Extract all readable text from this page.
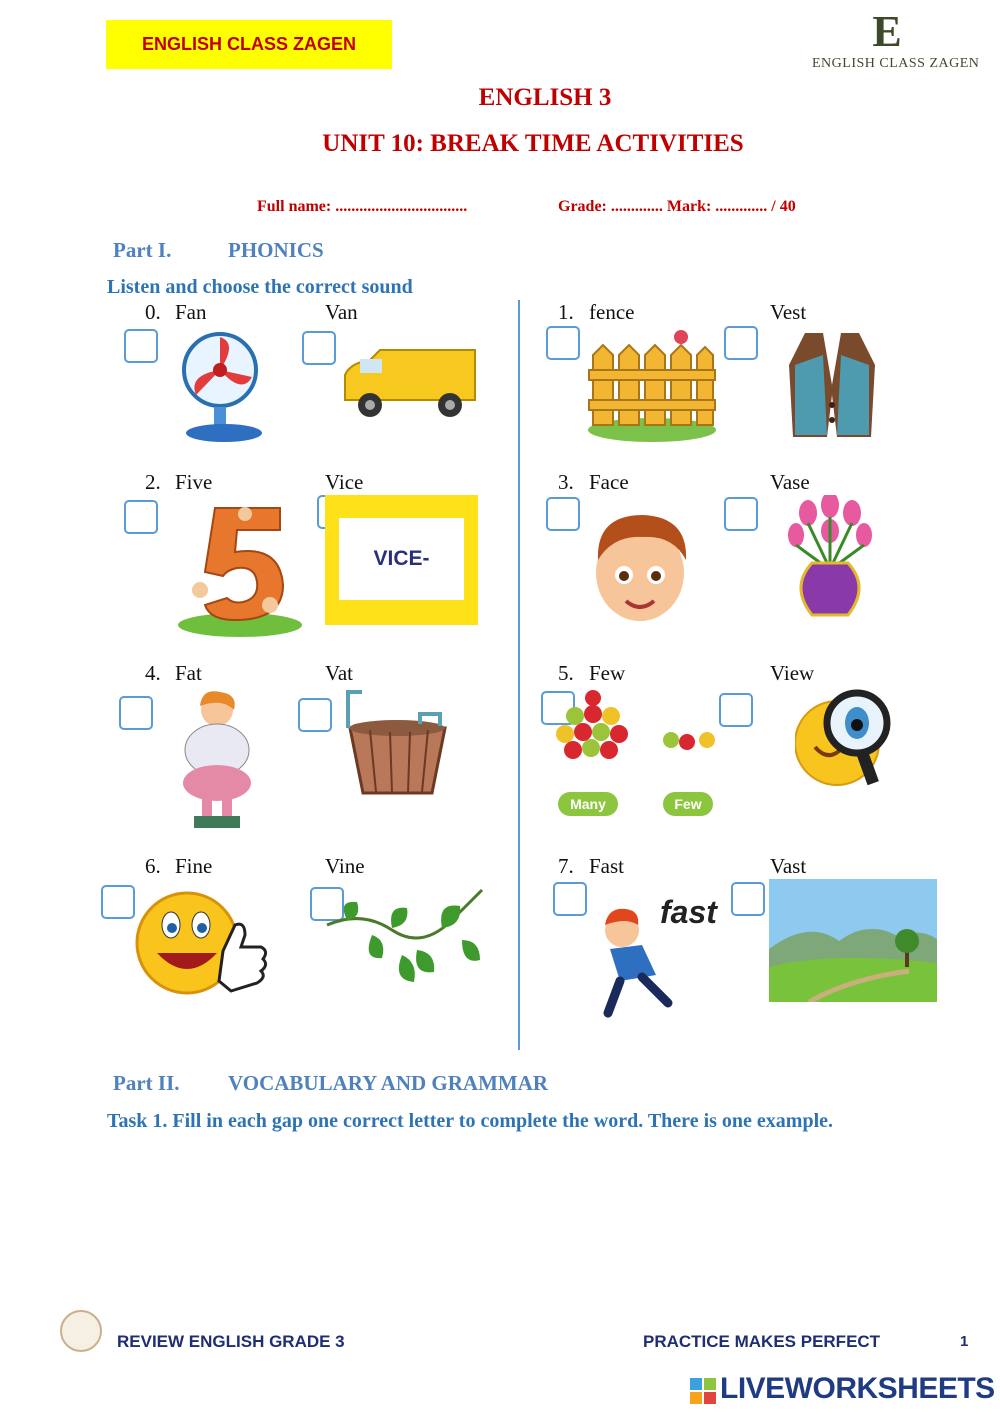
ENGLISH CLASS ZAGEN	E
ENGLISH CLASS ZAGEN
ENGLISH 3
UNIT 10: BREAK TIME ACTIVITIES
Full name: .................................	Grade: ............. Mark: ............. / 40
Part I.	PHONICS
Listen and choose the correct sound
0. Fan	Van	1. fence	Vest
2. Five	Vice
VICE-
3. Face	Vase
4. Fat	Vat	5. Few	View
Many	Few
6. Fine	Vine	7. Fast	Vast
fast
Part II. VOCABULARY AND GRAMMAR
Task 1. Fill in each gap one correct letter to complete the word. There is one example.
REVIEW ENGLISH GRADE 3	PRACTICE MAKES PERFECT	1
LIVEWORKSHEETS
